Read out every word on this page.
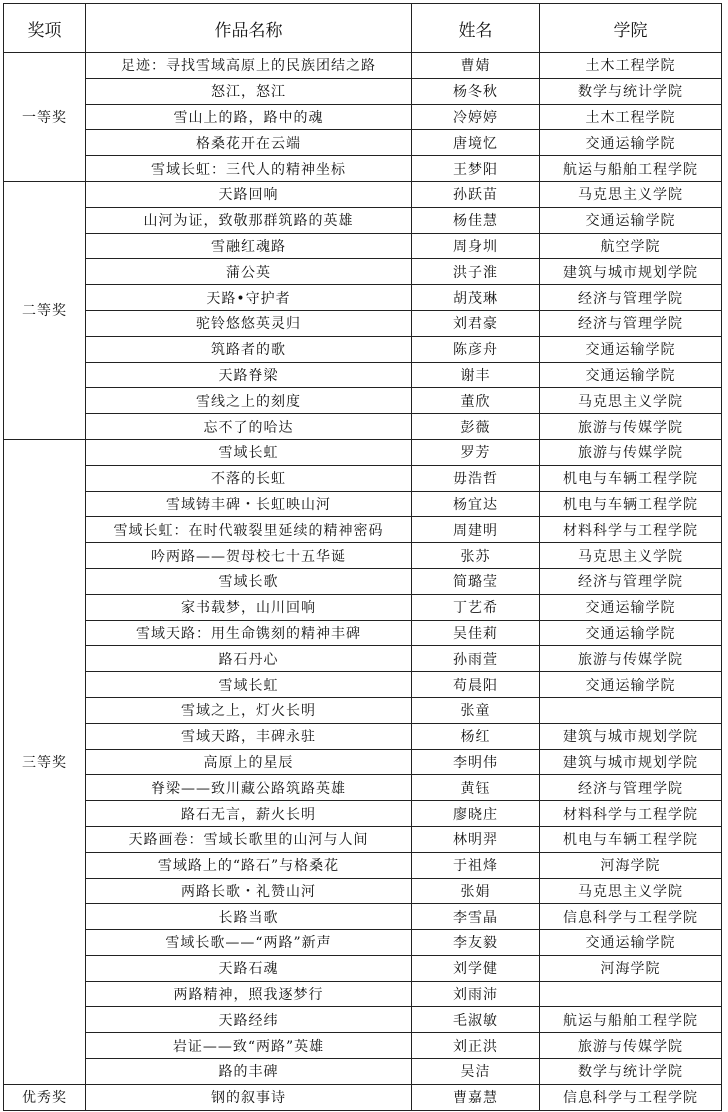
奖项	作品名称	姓名	学院
一等奖	足迹：寻找雪域高原上的民族团结之路	曹婧	土木工程学院
	怒江，怒江	杨冬秋	数学与统计学院
	雪山上的路，路中的魂	冷婷婷	土木工程学院
	格桑花开在云端	唐境忆	交通运输学院
	雪域长虹：三代人的精神坐标	王梦阳	航运与船舶工程学院
二等奖	天路回响	孙跃苗	马克思主义学院
	山河为证，致敬那群筑路的英雄	杨佳慧	交通运输学院
	雪融红魂路	周身圳	航空学院
	蒲公英	洪子淮	建筑与城市规划学院
	天路•守护者	胡茂琳	经济与管理学院
	驼铃悠悠英灵归	刘君豪	经济与管理学院
	筑路者的歌	陈彦舟	交通运输学院
	天路脊梁	谢丰	交通运输学院
	雪线之上的刻度	董欣	马克思主义学院
	忘不了的哈达	彭薇	旅游与传媒学院
三等奖	雪域长虹	罗芳	旅游与传媒学院
	不落的长虹	毋浩哲	机电与车辆工程学院
	雪域铸丰碑・长虹映山河	杨宜达	机电与车辆工程学院
	雪域长虹：在时代皲裂里延续的精神密码	周建明	材料科学与工程学院
	吟两路——贺母校七十五华诞	张苏	马克思主义学院
	雪域长歌	简璐莹	经济与管理学院
	家书载梦，山川回响	丁艺希	交通运输学院
	雪域天路：用生命镌刻的精神丰碑	吴佳莉	交通运输学院
	路石丹心	孙雨萱	旅游与传媒学院
	雪域长虹	苟晨阳	交通运输学院
	雪域之上，灯火长明	张童	
	雪域天路，丰碑永驻	杨红	建筑与城市规划学院
	高原上的星辰	李明伟	建筑与城市规划学院
	脊梁——致川藏公路筑路英雄	黄钰	经济与管理学院
	路石无言，薪火长明	廖晓庄	材料科学与工程学院
	天路画卷：雪域长歌里的山河与人间	林明羿	机电与车辆工程学院
	雪域路上的“路石”与格桑花	于祖烽	河海学院
	两路长歌・礼赞山河	张娟	马克思主义学院
	长路当歌	李雪晶	信息科学与工程学院
	雪域长歌——“两路”新声	李友毅	交通运输学院
	天路石魂	刘学健	河海学院
	两路精神，照我逐梦行	刘雨沛	
	天路经纬	毛淑敏	航运与船舶工程学院
	岩证——致“两路”英雄	刘正洪	旅游与传媒学院
	路的丰碑	吴洁	数学与统计学院
优秀奖	钢的叙事诗	曹嘉慧	信息科学与工程学院
